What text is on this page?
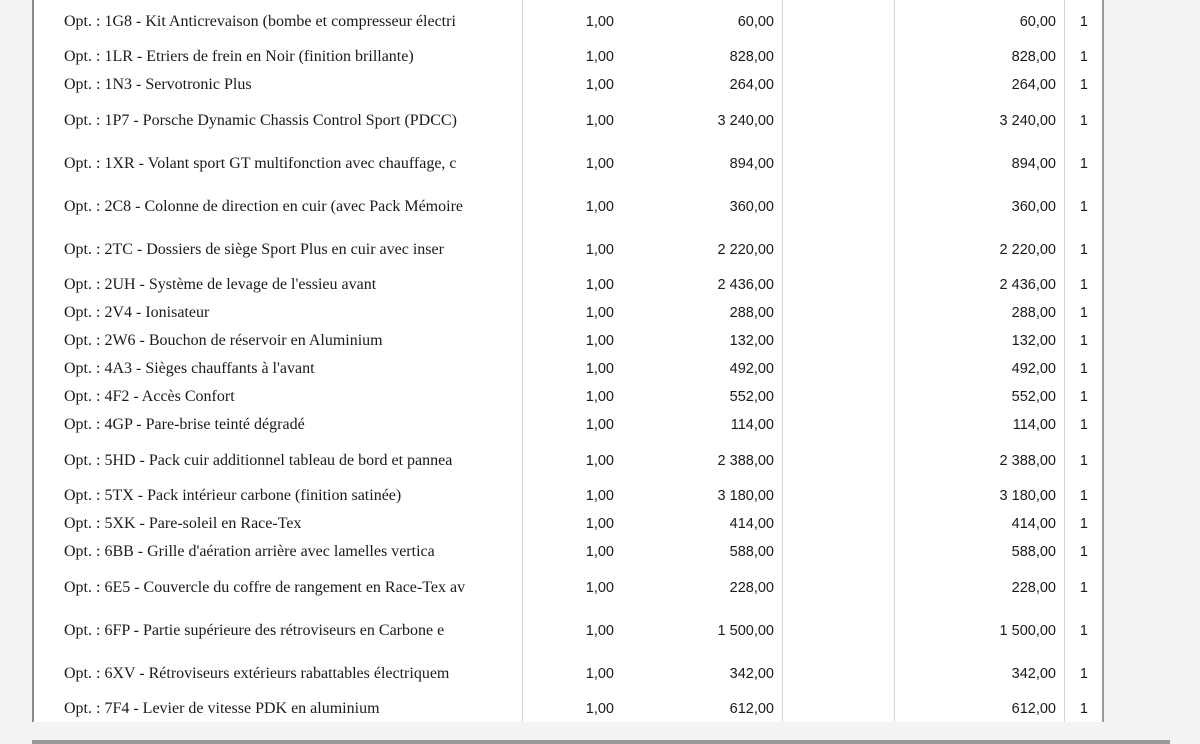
Opt. : 1G8 - Kit Anticrevaison (bombe et compresseur électri	1,00	60,00	60,00	1
Opt. : 1LR - Etriers de frein en Noir (finition brillante)	1,00	828,00	828,00	1
Opt. : 1N3 - Servotronic Plus	1,00	264,00	264,00	1
Opt. : 1P7 - Porsche Dynamic Chassis Control Sport (PDCC)	1,00	3 240,00	3 240,00	1
Opt. : 1XR - Volant sport GT multifonction avec chauffage, c	1,00	894,00	894,00	1
Opt. : 2C8 - Colonne de direction en cuir (avec Pack Mémoire	1,00	360,00	360,00	1
Opt. : 2TC - Dossiers de siège Sport Plus en cuir avec inser	1,00	2 220,00	2 220,00	1
Opt. : 2UH - Système de levage de l'essieu avant	1,00	2 436,00	2 436,00	1
Opt. : 2V4 - Ionisateur	1,00	288,00	288,00	1
Opt. : 2W6 - Bouchon de réservoir en Aluminium	1,00	132,00	132,00	1
Opt. : 4A3 - Sièges chauffants à l'avant	1,00	492,00	492,00	1
Opt. : 4F2 - Accès Confort	1,00	552,00	552,00	1
Opt. : 4GP - Pare-brise teinté dégradé	1,00	114,00	114,00	1
Opt. : 5HD - Pack cuir additionnel tableau de bord et pannea	1,00	2 388,00	2 388,00	1
Opt. : 5TX - Pack intérieur carbone (finition satinée)	1,00	3 180,00	3 180,00	1
Opt. : 5XK - Pare-soleil en Race-Tex	1,00	414,00	414,00	1
Opt. : 6BB - Grille d'aération arrière avec lamelles vertica	1,00	588,00	588,00	1
Opt. : 6E5 - Couvercle du coffre de rangement en Race-Tex av	1,00	228,00	228,00	1
Opt. : 6FP - Partie supérieure des rétroviseurs en Carbone e	1,00	1 500,00	1 500,00	1
Opt. : 6XV - Rétroviseurs extérieurs rabattables électriquem	1,00	342,00	342,00	1
Opt. : 7F4 - Levier de vitesse PDK en aluminium	1,00	612,00	612,00	1
